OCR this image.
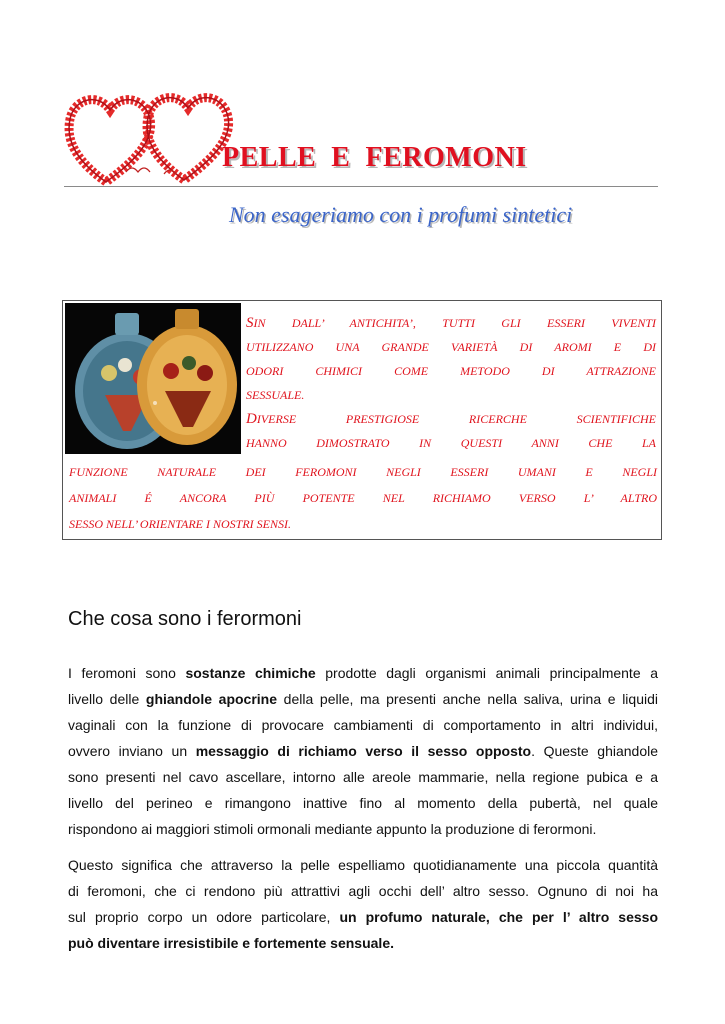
PELLE  E  FEROMONI
Non esageriamo con i profumi sintetici
SIN DALL’ ANTICHITA’, TUTTI GLI ESSERI VIVENTI
UTILIZZANO UNA GRANDE VARIETÀ DI AROMI E DI
ODORI CHIMICI COME METODO DI ATTRAZIONE
SESSUALE.
DIVERSE PRESTIGIOSE RICERCHE SCIENTIFICHE
HANNO DIMOSTRATO IN QUESTI ANNI CHE LA
FUNZIONE NATURALE DEI FEROMONI NEGLI ESSERI UMANI E NEGLI
ANIMALI É ANCORA PIÙ POTENTE NEL RICHIAMO VERSO L’ ALTRO
SESSO NELL’ ORIENTARE I NOSTRI SENSI.
Che cosa sono i ferormoni
I feromoni sono sostanze chimiche prodotte dagli organismi animali principalmente a
livello delle ghiandole apocrine della pelle, ma presenti anche nella saliva, urina e liquidi
vaginali con la funzione di provocare cambiamenti di comportamento in altri individui,
ovvero inviano un messaggio di richiamo verso il sesso opposto. Queste ghiandole
sono presenti nel cavo ascellare, intorno alle areole mammarie, nella regione pubica e a
livello del perineo e rimangono inattive fino al momento della pubertà, nel quale
rispondono ai maggiori stimoli ormonali mediante appunto la produzione di ferormoni.
Questo significa che attraverso la pelle espelliamo quotidianamente una piccola quantità
di feromoni, che ci rendono più attrattivi agli occhi dell’ altro sesso. Ognuno di noi ha
sul proprio corpo un odore particolare, un profumo naturale, che per l’ altro sesso
può diventare irresistibile e fortemente sensuale.
